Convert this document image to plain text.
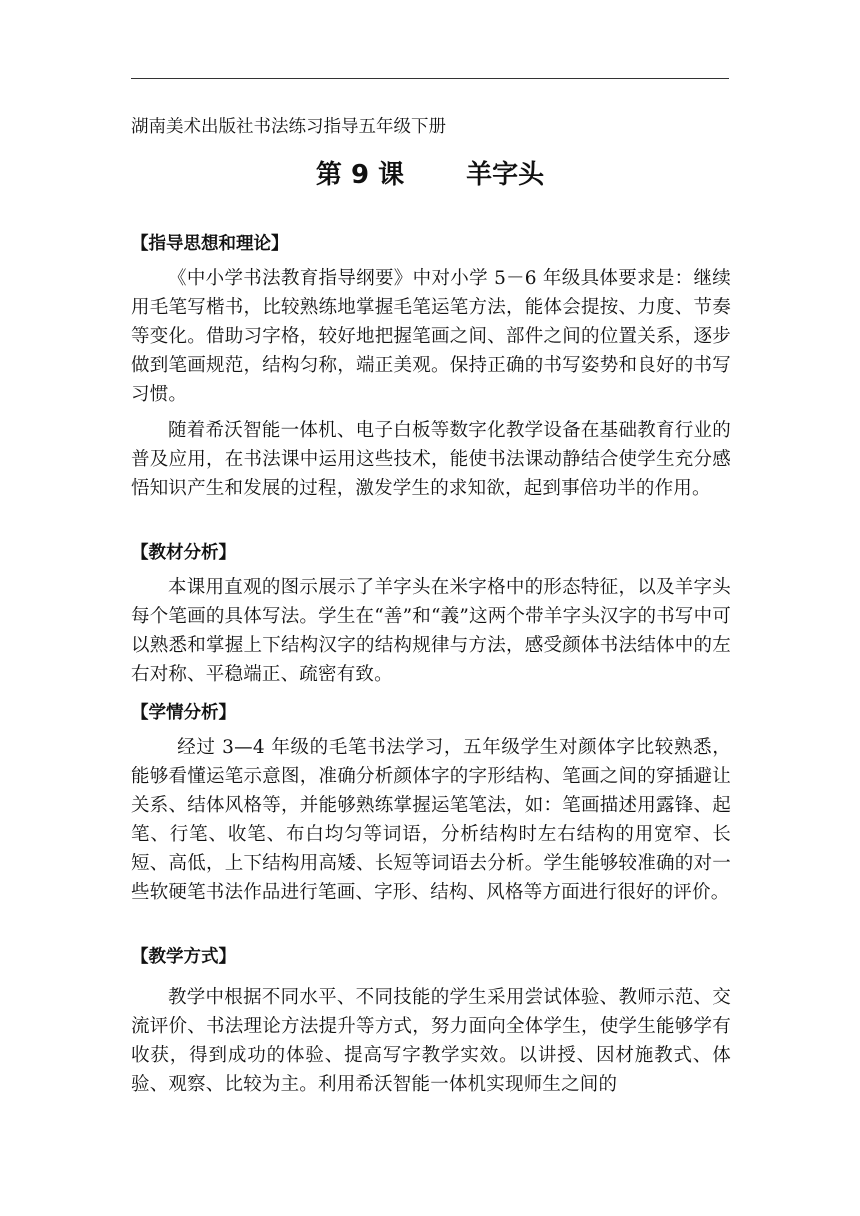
湖南美术出版社书法练习指导五年级下册
第 9 课 羊字头
【指导思想和理论】

《中小学书法教育指导纲要》中对小学 5－6 年级具体要求是：继续用毛笔写楷书，比较熟练地掌握毛笔运笔方法，能体会提按、力度、节奏等变化。借助习字格，较好地把握笔画之间、部件之间的位置关系，逐步做到笔画规范，结构匀称，端正美观。保持正确的书写姿势和良好的书写习惯。

随着希沃智能一体机、电子白板等数字化教学设备在基础教育行业的普及应用，在书法课中运用这些技术，能使书法课动静结合使学生充分感悟知识产生和发展的过程，激发学生的求知欲，起到事倍功半的作用。

【教材分析】

本课用直观的图示展示了羊字头在米字格中的形态特征，以及羊字头每个笔画的具体写法。学生在“善”和“義”这两个带羊字头汉字的书写中可以熟悉和掌握上下结构汉字的结构规律与方法，感受颜体书法结体中的左右对称、平稳端正、疏密有致。

【学情分析】

经过 3—4 年级的毛笔书法学习，五年级学生对颜体字比较熟悉，能够看懂运笔示意图，准确分析颜体字的字形结构、笔画之间的穿插避让关系、结体风格等，并能够熟练掌握运笔笔法，如：笔画描述用露锋、起笔、行笔、收笔、布白均匀等词语，分析结构时左右结构的用宽窄、长短、高低，上下结构用高矮、长短等词语去分析。学生能够较准确的对一些软硬笔书法作品进行笔画、字形、结构、风格等方面进行很好的评价。

【教学方式】

教学中根据不同水平、不同技能的学生采用尝试体验、教师示范、交流评价、书法理论方法提升等方式，努力面向全体学生，使学生能够学有收获，得到成功的体验、提高写字教学实效。以讲授、因材施教式、体验、观察、比较为主。利用希沃智能一体机实现师生之间的
